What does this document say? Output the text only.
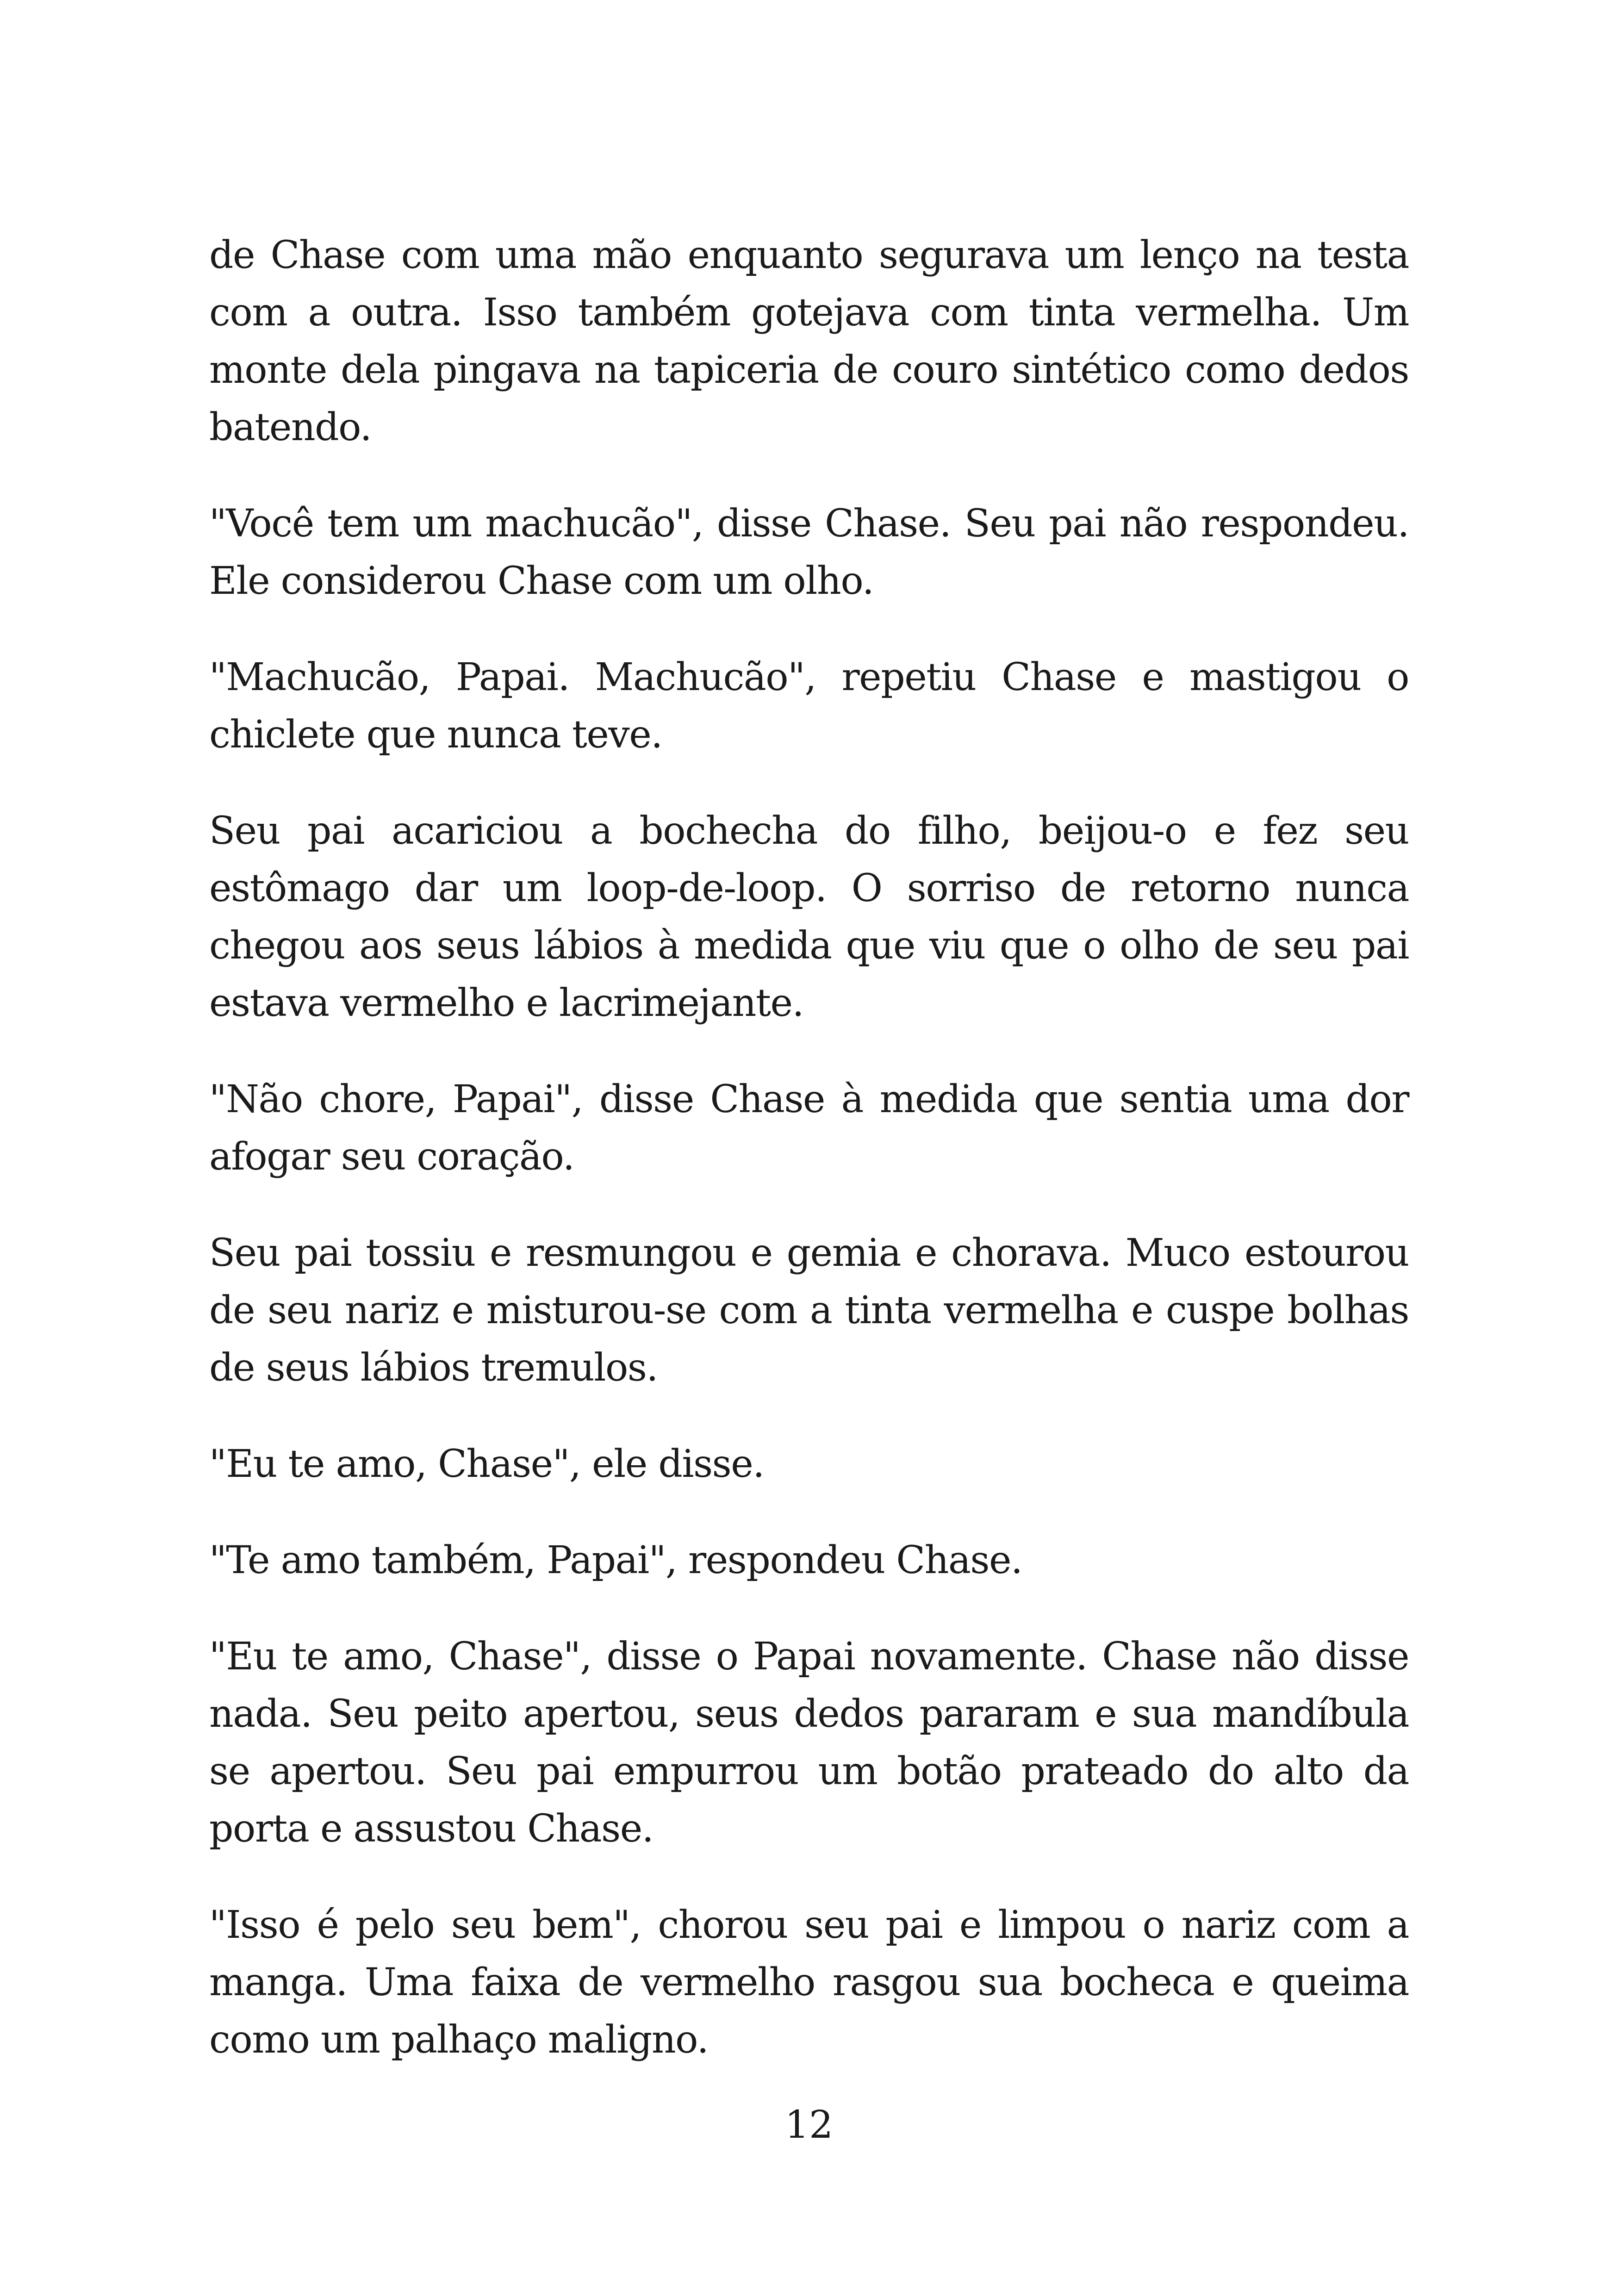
de Chase com uma mão enquanto segurava um lenço na testa com a outra. Isso também gotejava com tinta vermelha. Um monte dela pingava na tapiceria de couro sintético como dedos batendo.

"Você tem um machucão", disse Chase. Seu pai não respondeu. Ele considerou Chase com um olho.

"Machucão, Papai. Machucão", repetiu Chase e mastigou o chiclete que nunca teve.

Seu pai acariciou a bochecha do filho, beijou-o e fez seu estômago dar um loop-de-loop. O sorriso de retorno nunca chegou aos seus lábios à medida que viu que o olho de seu pai estava vermelho e lacrimejante.

"Não chore, Papai", disse Chase à medida que sentia uma dor afogar seu coração.

Seu pai tossiu e resmungou e gemia e chorava. Muco estourou de seu nariz e misturou-se com a tinta vermelha e cuspe bolhas de seus lábios tremulos.

"Eu te amo, Chase", ele disse.

"Te amo também, Papai", respondeu Chase.

"Eu te amo, Chase", disse o Papai novamente. Chase não disse nada. Seu peito apertou, seus dedos pararam e sua mandíbula se apertou. Seu pai empurrou um botão prateado do alto da porta e assustou Chase.

"Isso é pelo seu bem", chorou seu pai e limpou o nariz com a manga. Uma faixa de vermelho rasgou sua bocheca e queima como um palhaço maligno.

12
